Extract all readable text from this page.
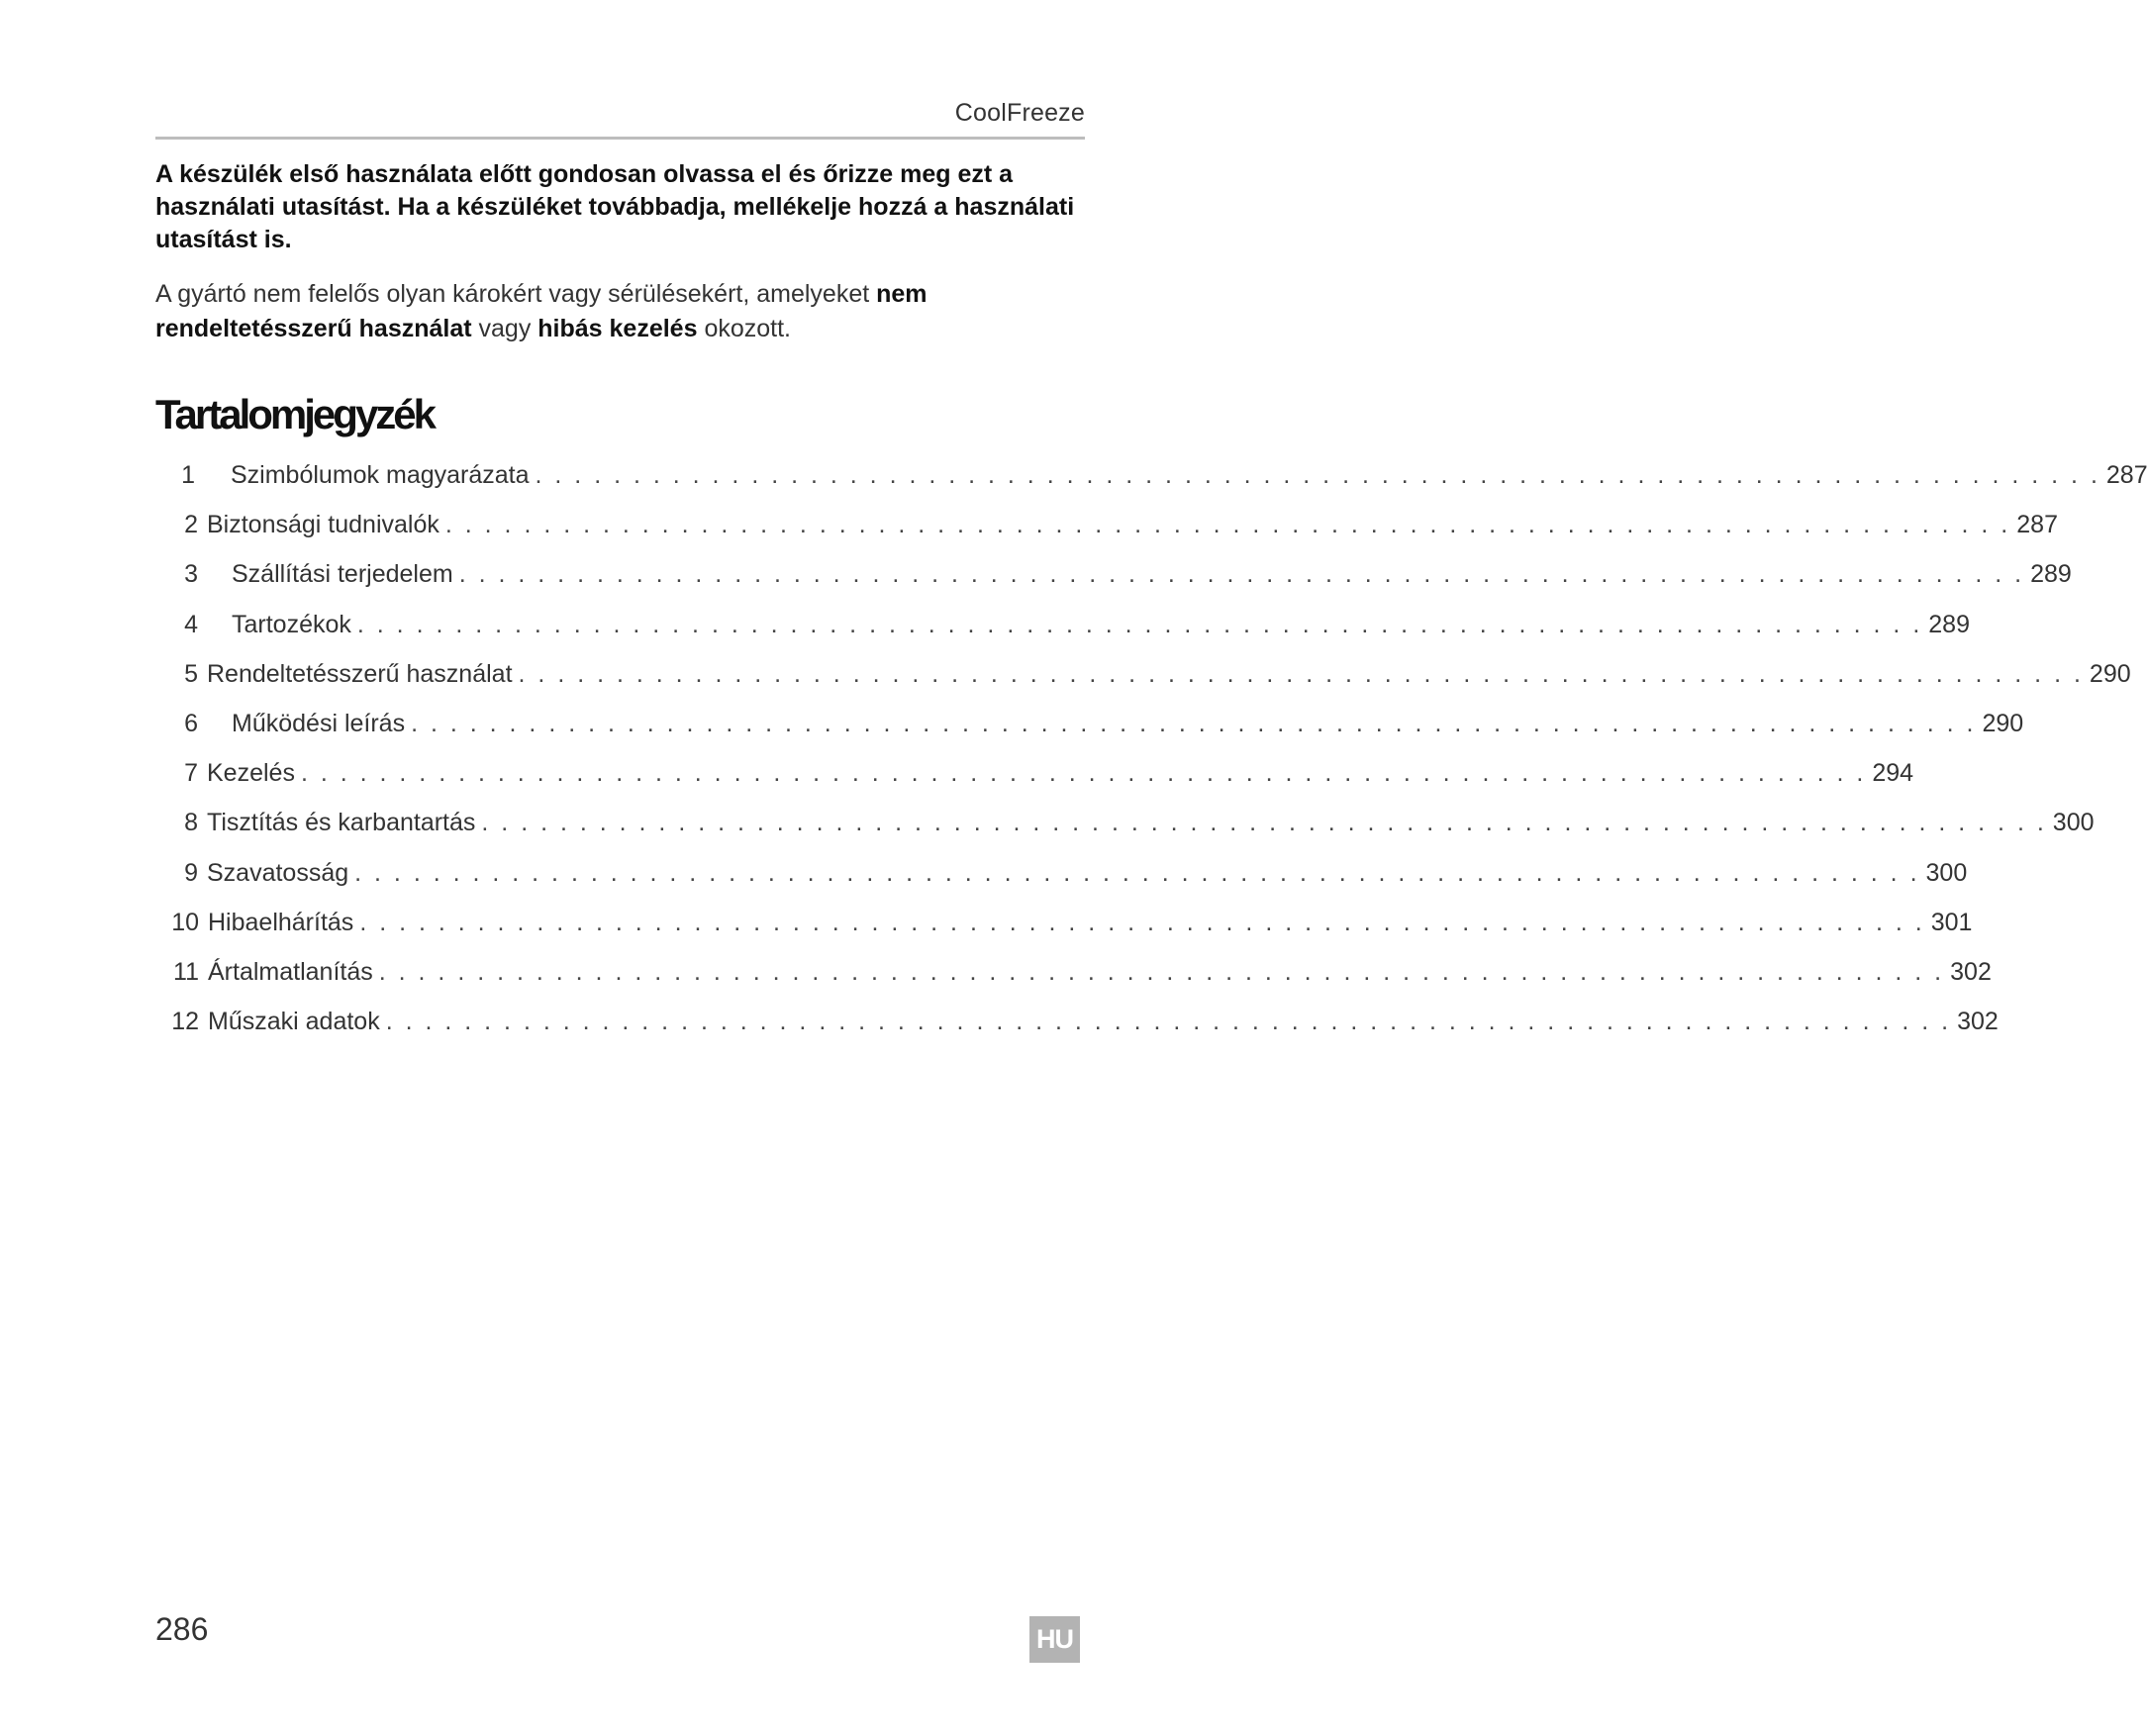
CoolFreeze

A készülék első használata előtt gondosan olvassa el és őrizze meg ezt a használati utasítást. Ha a készüléket továbbadja, mellékelje hozzá a használati utasítást is.

A gyártó nem felelős olyan károkért vagy sérülésekért, amelyeket nem rendeltetésszerű használat vagy hibás kezelés okozott.

Tartalomjegyzék
1	Szimbólumok magyarázata . . . . . . . . . . . . . . . . . . . . . . . . . . . . . . . . . . . . . . . . . . . . . . . . . . . . . . . . . . . . . . . . . . . . . . . . . . . . . . . . 287
2 Biztonsági tudnivalók . . . . . . . . . . . . . . . . . . . . . . . . . . . . . . . . . . . . . . . . . . . . . . . . . . . . . . . . . . . . . . . . . . . . . . . . . . . . . . . . 287
3	Szállítási terjedelem . . . . . . . . . . . . . . . . . . . . . . . . . . . . . . . . . . . . . . . . . . . . . . . . . . . . . . . . . . . . . . . . . . . . . . . . . . . . . . . . 289
4	Tartozékok . . . . . . . . . . . . . . . . . . . . . . . . . . . . . . . . . . . . . . . . . . . . . . . . . . . . . . . . . . . . . . . . . . . . . . . . . . . . . . . . 289
5 Rendeltetésszerű használat . . . . . . . . . . . . . . . . . . . . . . . . . . . . . . . . . . . . . . . . . . . . . . . . . . . . . . . . . . . . . . . . . . . . . . . . . . . . . . . . 290
6	Működési leírás . . . . . . . . . . . . . . . . . . . . . . . . . . . . . . . . . . . . . . . . . . . . . . . . . . . . . . . . . . . . . . . . . . . . . . . . . . . . . . . . 290
7 Kezelés . . . . . . . . . . . . . . . . . . . . . . . . . . . . . . . . . . . . . . . . . . . . . . . . . . . . . . . . . . . . . . . . . . . . . . . . . . . . . . . . 294
8 Tisztítás és karbantartás . . . . . . . . . . . . . . . . . . . . . . . . . . . . . . . . . . . . . . . . . . . . . . . . . . . . . . . . . . . . . . . . . . . . . . . . . . . . . . . . 300
9 Szavatosság . . . . . . . . . . . . . . . . . . . . . . . . . . . . . . . . . . . . . . . . . . . . . . . . . . . . . . . . . . . . . . . . . . . . . . . . . . . . . . . . 300
10 Hibaelhárítás . . . . . . . . . . . . . . . . . . . . . . . . . . . . . . . . . . . . . . . . . . . . . . . . . . . . . . . . . . . . . . . . . . . . . . . . . . . . . . . . 301
11 Ártalmatlanítás . . . . . . . . . . . . . . . . . . . . . . . . . . . . . . . . . . . . . . . . . . . . . . . . . . . . . . . . . . . . . . . . . . . . . . . . . . . . . . . . 302
12 Műszaki adatok . . . . . . . . . . . . . . . . . . . . . . . . . . . . . . . . . . . . . . . . . . . . . . . . . . . . . . . . . . . . . . . . . . . . . . . . . . . . . . . . 302
286	HU
